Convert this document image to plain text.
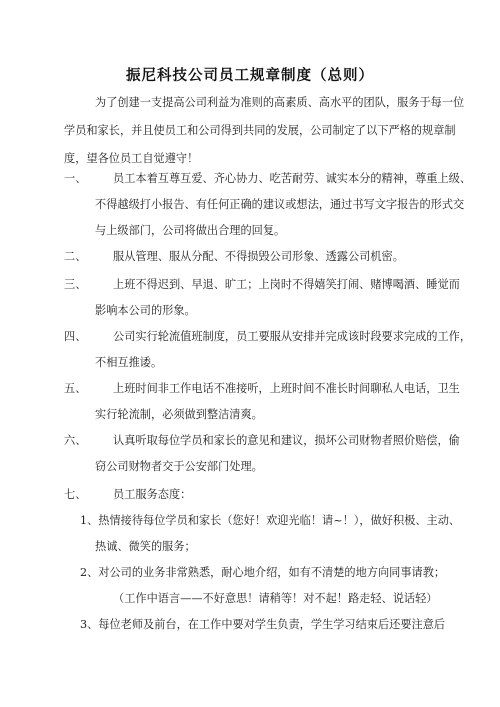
振尼科技公司员工规章制度（总则）
为了创建一支提高公司利益为准则的高素质、高水平的团队，服务于每一位
学员和家长，并且使员工和公司得到共同的发展，公司制定了以下严格的规章制
度，望各位员工自觉遵守！
一、 员工本着互尊互爱、齐心协力、吃苦耐劳、诚实本分的精神，尊重上级、
不得越级打小报告、有任何正确的建议或想法，通过书写文字报告的形式交
与上级部门，公司将做出合理的回复。
二、 服从管理、服从分配、不得损毁公司形象、透露公司机密。
三、 上班不得迟到、早退、旷工；上岗时不得嬉笑打闹、赌博喝酒、睡觉而
影响本公司的形象。
四、 公司实行轮流值班制度，员工要服从安排并完成该时段要求完成的工作，
不相互推诿。
五、 上班时间非工作电话不准接听，上班时间不准长时间聊私人电话，卫生
实行轮流制，必须做到整洁清爽。
六、 认真听取每位学员和家长的意见和建议，损坏公司财物者照价赔偿，偷
窃公司财物者交于公安部门处理。
七、 员工服务态度：
1、热情接待每位学员和家长（您好！欢迎光临！请~！），做好积极、主动、
热诚、微笑的服务；
2、对公司的业务非常熟悉，耐心地介绍，如有不清楚的地方向同事请教；
（工作中语言——不好意思！请稍等！对不起！路走轻、说话轻）
3、每位老师及前台，在工作中要对学生负责，学生学习结束后还要注意后
